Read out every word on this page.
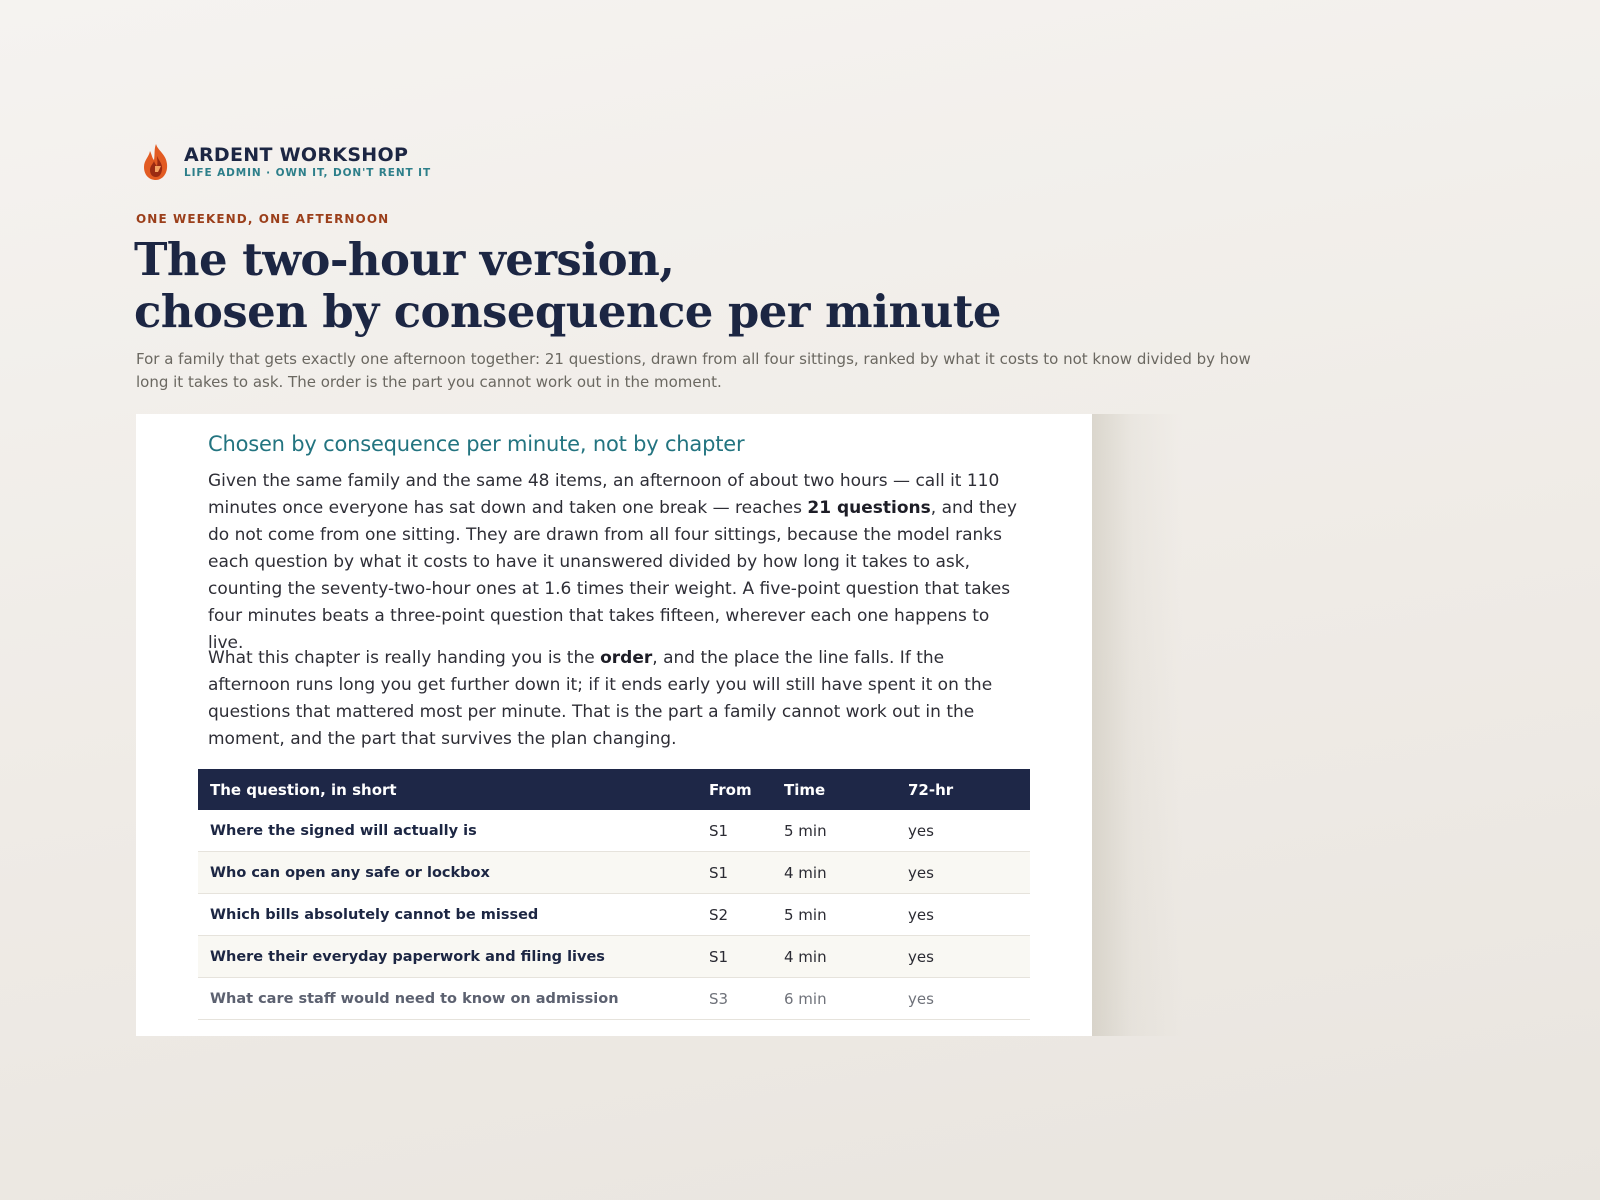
ARDENT WORKSHOP
LIFE ADMIN · OWN IT, DON'T RENT IT
ONE WEEKEND, ONE AFTERNOON
The two-hour version,
chosen by consequence per minute
For a family that gets exactly one afternoon together: 21 questions, drawn from all four sittings, ranked by what it costs to not know divided by how long it takes to ask. The order is the part you cannot work out in the moment.
Chosen by consequence per minute, not by chapter

Given the same family and the same 48 items, an afternoon of about two hours — call it 110 minutes once everyone has sat down and taken one break — reaches 21 questions, and they do not come from one sitting. They are drawn from all four sittings, because the model ranks each question by what it costs to have it unanswered divided by how long it takes to ask, counting the seventy-two-hour ones at 1.6 times their weight. A five-point question that takes four minutes beats a three-point question that takes fifteen, wherever each one happens to live.

What this chapter is really handing you is the order, and the place the line falls. If the afternoon runs long you get further down it; if it ends early you will still have spent it on the questions that mattered most per minute. That is the part a family cannot work out in the moment, and the part that survives the plan changing.

The question, in short	From	Time	72-hr
Where the signed will actually is	S1	5 min	yes
Who can open any safe or lockbox	S1	4 min	yes
Which bills absolutely cannot be missed	S2	5 min	yes
Where their everyday paperwork and filing lives	S1	4 min	yes
What care staff would need to know on admission	S3	6 min	yes
